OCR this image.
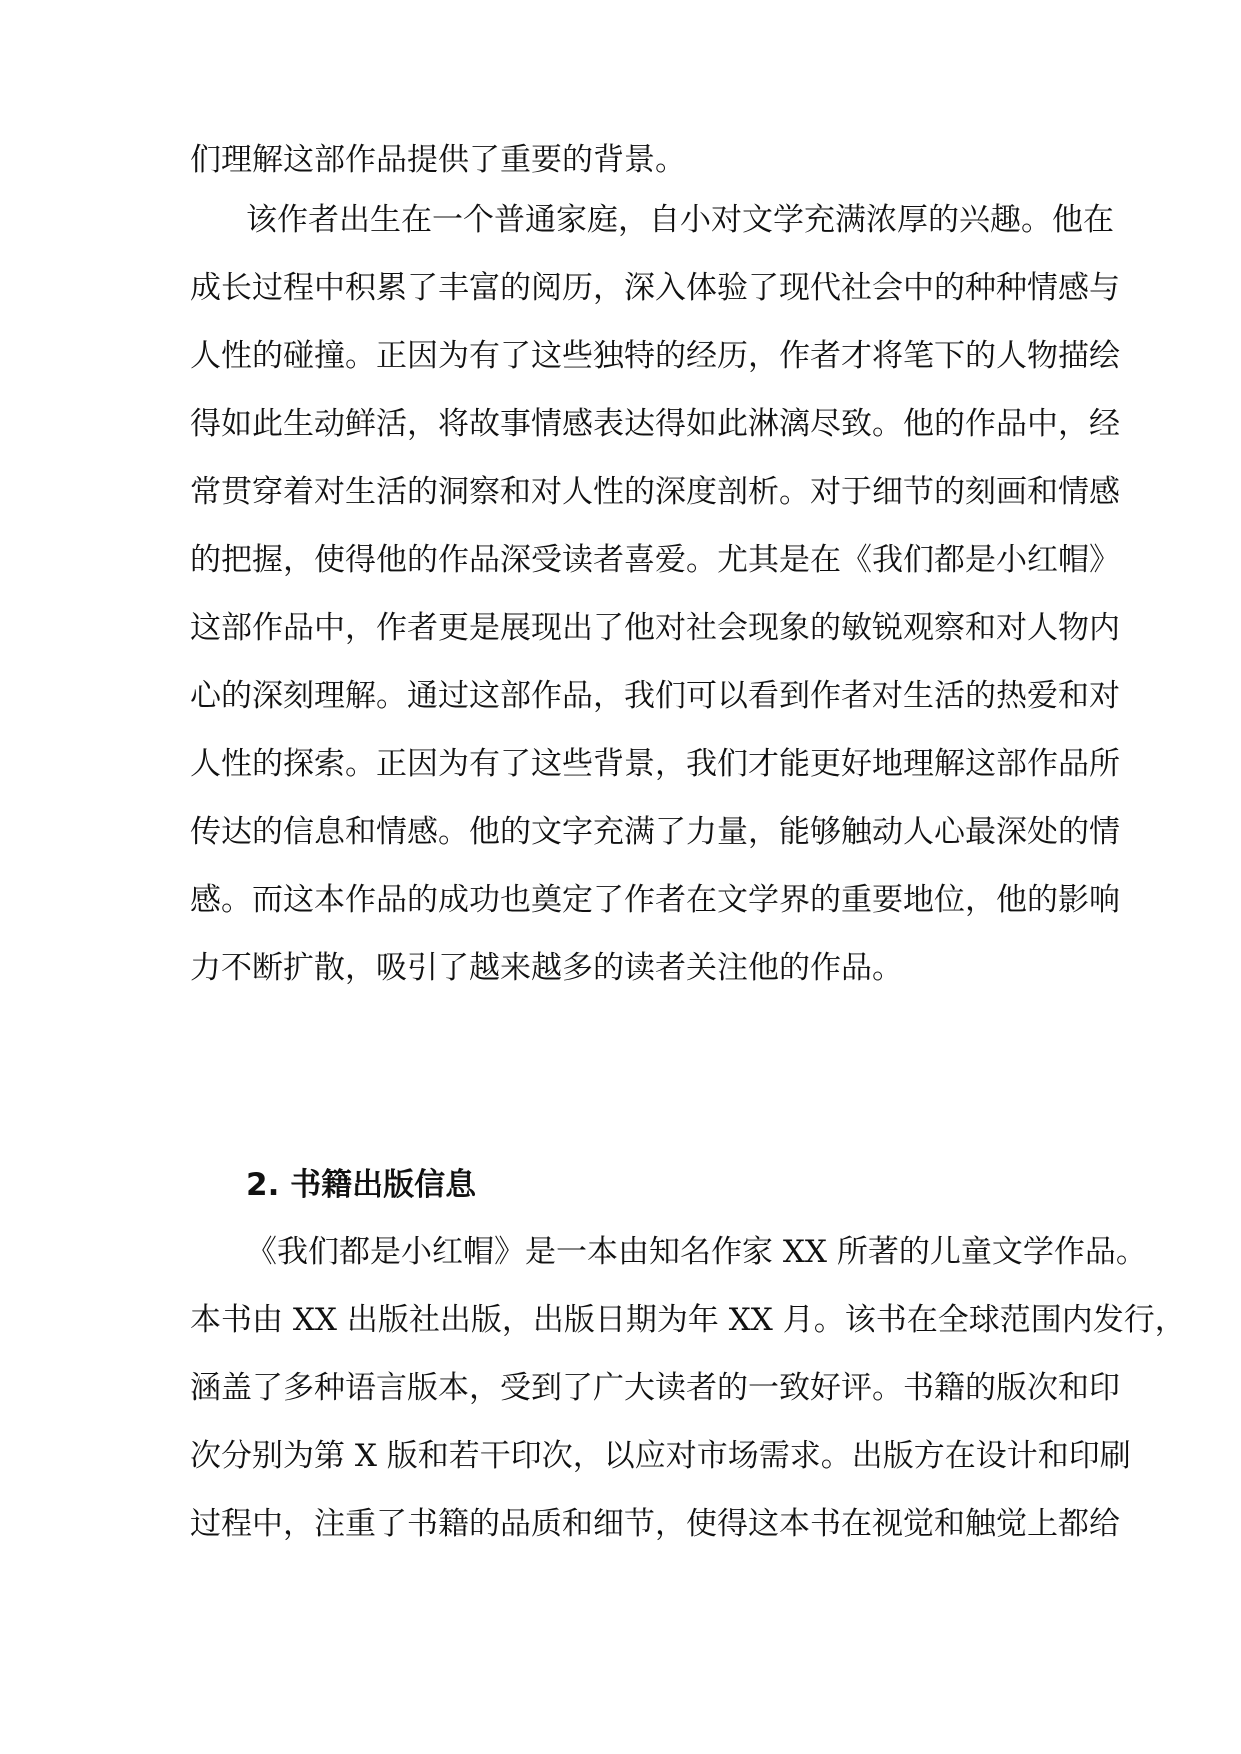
们理解这部作品提供了重要的背景。
该作者出生在一个普通家庭，自小对文学充满浓厚的兴趣。他在
成长过程中积累了丰富的阅历，深入体验了现代社会中的种种情感与
人性的碰撞。正因为有了这些独特的经历，作者才将笔下的人物描绘
得如此生动鲜活，将故事情感表达得如此淋漓尽致。他的作品中，经
常贯穿着对生活的洞察和对人性的深度剖析。对于细节的刻画和情感
的把握，使得他的作品深受读者喜爱。尤其是在《我们都是小红帽》
这部作品中，作者更是展现出了他对社会现象的敏锐观察和对人物内
心的深刻理解。通过这部作品，我们可以看到作者对生活的热爱和对
人性的探索。正因为有了这些背景，我们才能更好地理解这部作品所
传达的信息和情感。他的文字充满了力量，能够触动人心最深处的情
感。而这本作品的成功也奠定了作者在文学界的重要地位，他的影响
力不断扩散，吸引了越来越多的读者关注他的作品。
2. 书籍出版信息
《我们都是小红帽》是一本由知名作家 XX 所著的儿童文学作品。
本书由 XX 出版社出版，出版日期为年 XX 月。该书在全球范围内发行，
涵盖了多种语言版本，受到了广大读者的一致好评。书籍的版次和印
次分别为第 X 版和若干印次，以应对市场需求。出版方在设计和印刷
过程中，注重了书籍的品质和细节，使得这本书在视觉和触觉上都给
